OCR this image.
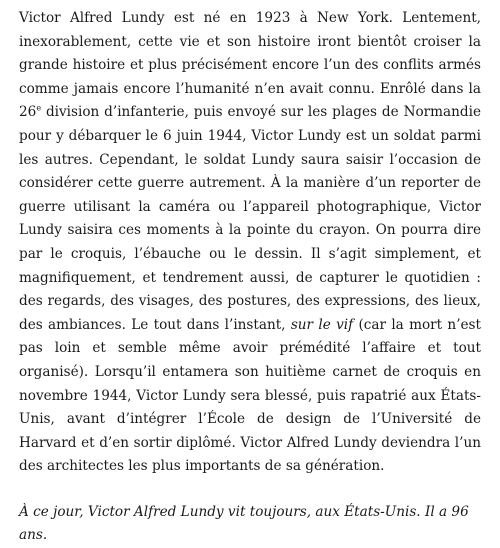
Victor Alfred Lundy est né en 1923 à New York. Lentement, inexorablement, cette vie et son histoire iront bientôt croiser la grande histoire et plus précisément encore l’un des conflits armés comme jamais encore l’humanité n’en avait connu. Enrôlé dans la 26e division d’infanterie, puis envoyé sur les plages de Normandie pour y débarquer le 6 juin 1944, Victor Lundy est un soldat parmi les autres. Cependant, le soldat Lundy saura saisir l’occasion de considérer cette guerre autrement. À la manière d’un reporter de guerre utilisant la caméra ou l’appareil photographique, Victor Lundy saisira ces moments à la pointe du crayon. On pourra dire par le croquis, l’ébauche ou le dessin. Il s’agit simplement, et magnifiquement, et tendrement aussi, de capturer le quotidien : des regards, des visages, des postures, des expressions, des lieux, des ambiances. Le tout dans l’instant, sur le vif (car la mort n’est pas loin et semble même avoir prémédité l’affaire et tout organisé). Lorsqu’il entamera son huitième carnet de croquis en novembre 1944, Victor Lundy sera blessé, puis rapatrié aux États-Unis, avant d’intégrer l’École de design de l’Université de Harvard et d’en sortir diplômé. Victor Alfred Lundy deviendra l’un des architectes les plus importants de sa génération.

À ce jour, Victor Alfred Lundy vit toujours, aux États-Unis. Il a 96 ans.
